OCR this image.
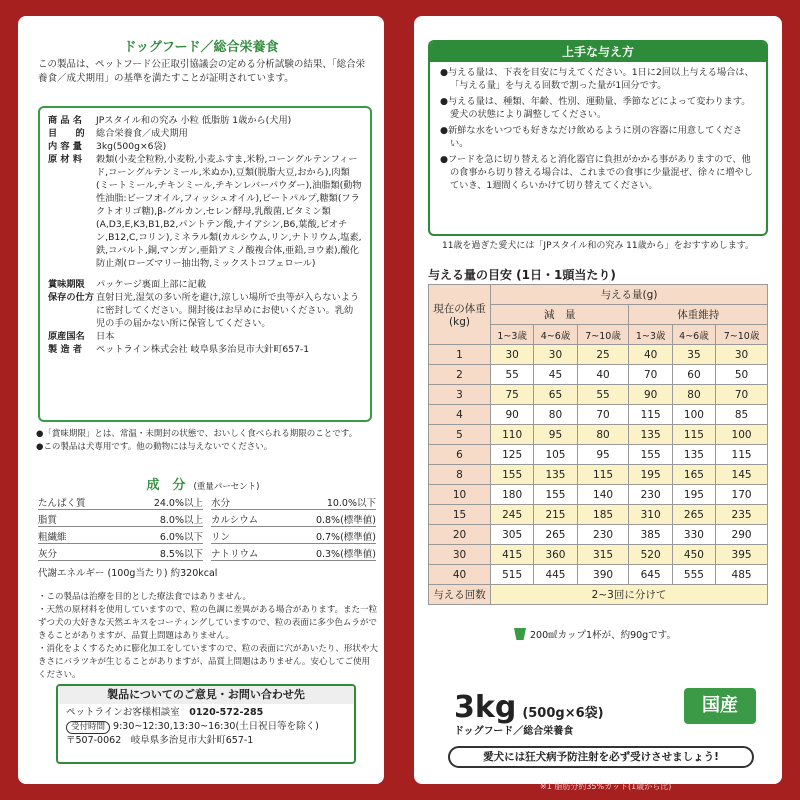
ドッグフード／総合栄養食
この製品は、ペットフード公正取引協議会の定める分析試験の結果、「総合栄養食／成犬期用」の基準を満たすことが証明されています。
商 品 名	JPスタイル和の究み 小粒 低脂肪 1歳から(犬用)
目　　的	総合栄養食／成犬期用
内 容 量	3kg(500g×6袋)
原 材 料	穀類(小麦全粒粉,小麦粉,小麦ふすま,米粉,コーングルテンフィード,コーングルテンミール,米ぬか),豆類(脱脂大豆,おから),肉類(ミートミール,チキンミール,チキンレバーパウダー),油脂類(動物性油脂:ビーフオイル,フィッシュオイル),ビートパルプ,糖類(フラクトオリゴ糖),β-グルカン,セレン酵母,乳酸菌,ビタミン類(A,D3,E,K3,B1,B2,パントテン酸,ナイアシン,B6,葉酸,ビオチン,B12,C,コリン),ミネラル類(カルシウム,リン,ナトリウム,塩素,鉄,コバルト,銅,マンガン,亜鉛アミノ酸複合体,亜鉛,ヨウ素),酸化防止剤(ローズマリー抽出物,ミックストコフェロール)
賞味期限	パッケージ裏面上部に記載
保存の仕方 直射日光,湿気の多い所を避け,涼しい場所で虫等が入らないように密封してください。開封後はお早めにお使いください。乳幼児の手の届かない所に保管してください。
原産国名	日本
製 造 者	ペットライン株式会社 岐阜県多治見市大針町657-1
●「賞味期限」とは、常温・未開封の状態で、おいしく食べられる期限のことです。
●この製品は犬専用です。他の動物には与えないでください。
成　分 (重量パーセント)
たんぱく質	24.0%以上 水分	10.0%以下
脂質	8.0%以上 カルシウム	0.8%(標準値)
粗繊維	6.0%以下 リン	0.7%(標準値)
灰分	8.5%以下 ナトリウム	0.3%(標準値)
代謝エネルギー (100g当たり) 約320kcal
・この製品は治療を目的とした療法食ではありません。
・天然の原材料を使用していますので、粒の色調に差異がある場合があります。また一粒ずつ犬の大好きな天然エキスをコーティングしていますので、粒の表面に多少色ムラができることがありますが、品質上問題はありません。
・消化をよくするために膨化加工をしていますので、粒の表面に穴があいたり、形状や大きさにバラツキが生じることがありますが、品質上問題はありません。安心してご使用ください。
製品についてのご意見・お問い合わせ先
ペットラインお客様相談室　 0120-572-285
受付時間 9:30~12:30,13:30~16:30(土日祝日等を除く)
〒507-0062　岐阜県多治見市大針町657-1
上手な与え方
●与える量は、下表を目安に与えてください。1日に2回以上与える場合は、「与える量」を与える回数で割った量が1回分です。
●与える量は、種類、年齢、性別、運動量、季節などによって変わります。愛犬の状態により調整してください。
●新鮮な水をいつでも好きなだけ飲めるように別の容器に用意してください。
●フードを急に切り替えると消化器官に負担がかかる事がありますので、他の食事から切り替える場合は、これまでの食事に少量混ぜ、徐々に増やしていき、1週間くらいかけて切り替えてください。
11歳を過ぎた愛犬には「JPスタイル和の究み 11歳から」をおすすめします。
与える量の目安 (1日・1頭当たり)
現在の体重(kg)	与える量(g)					
	減　量			体重維持		
	1~3歳	4~6歳	7~10歳	1~3歳	4~6歳	7~10歳
1	30	30	25	40	35	30
2	55	45	40	70	60	50
3	75	65	55	90	80	70
4	90	80	70	115	100	85
5	110	95	80	135	115	100
6	125	105	95	155	135	115
8	155	135	115	195	165	145
10	180	155	140	230	195	170
15	245	215	185	310	265	235
20	305	265	230	385	330	290
30	415	360	315	520	450	395
40	515	445	390	645	555	485
与える回数	2~3回に分けて					
200㎖カップ1杯が、約90gです。
3kg (500g×6袋)
ドッグフード／総合栄養食
国産
愛犬には狂犬病予防注射を必ず受けさせましょう!
※1 脂肪分約35%カット(1歳から比)
